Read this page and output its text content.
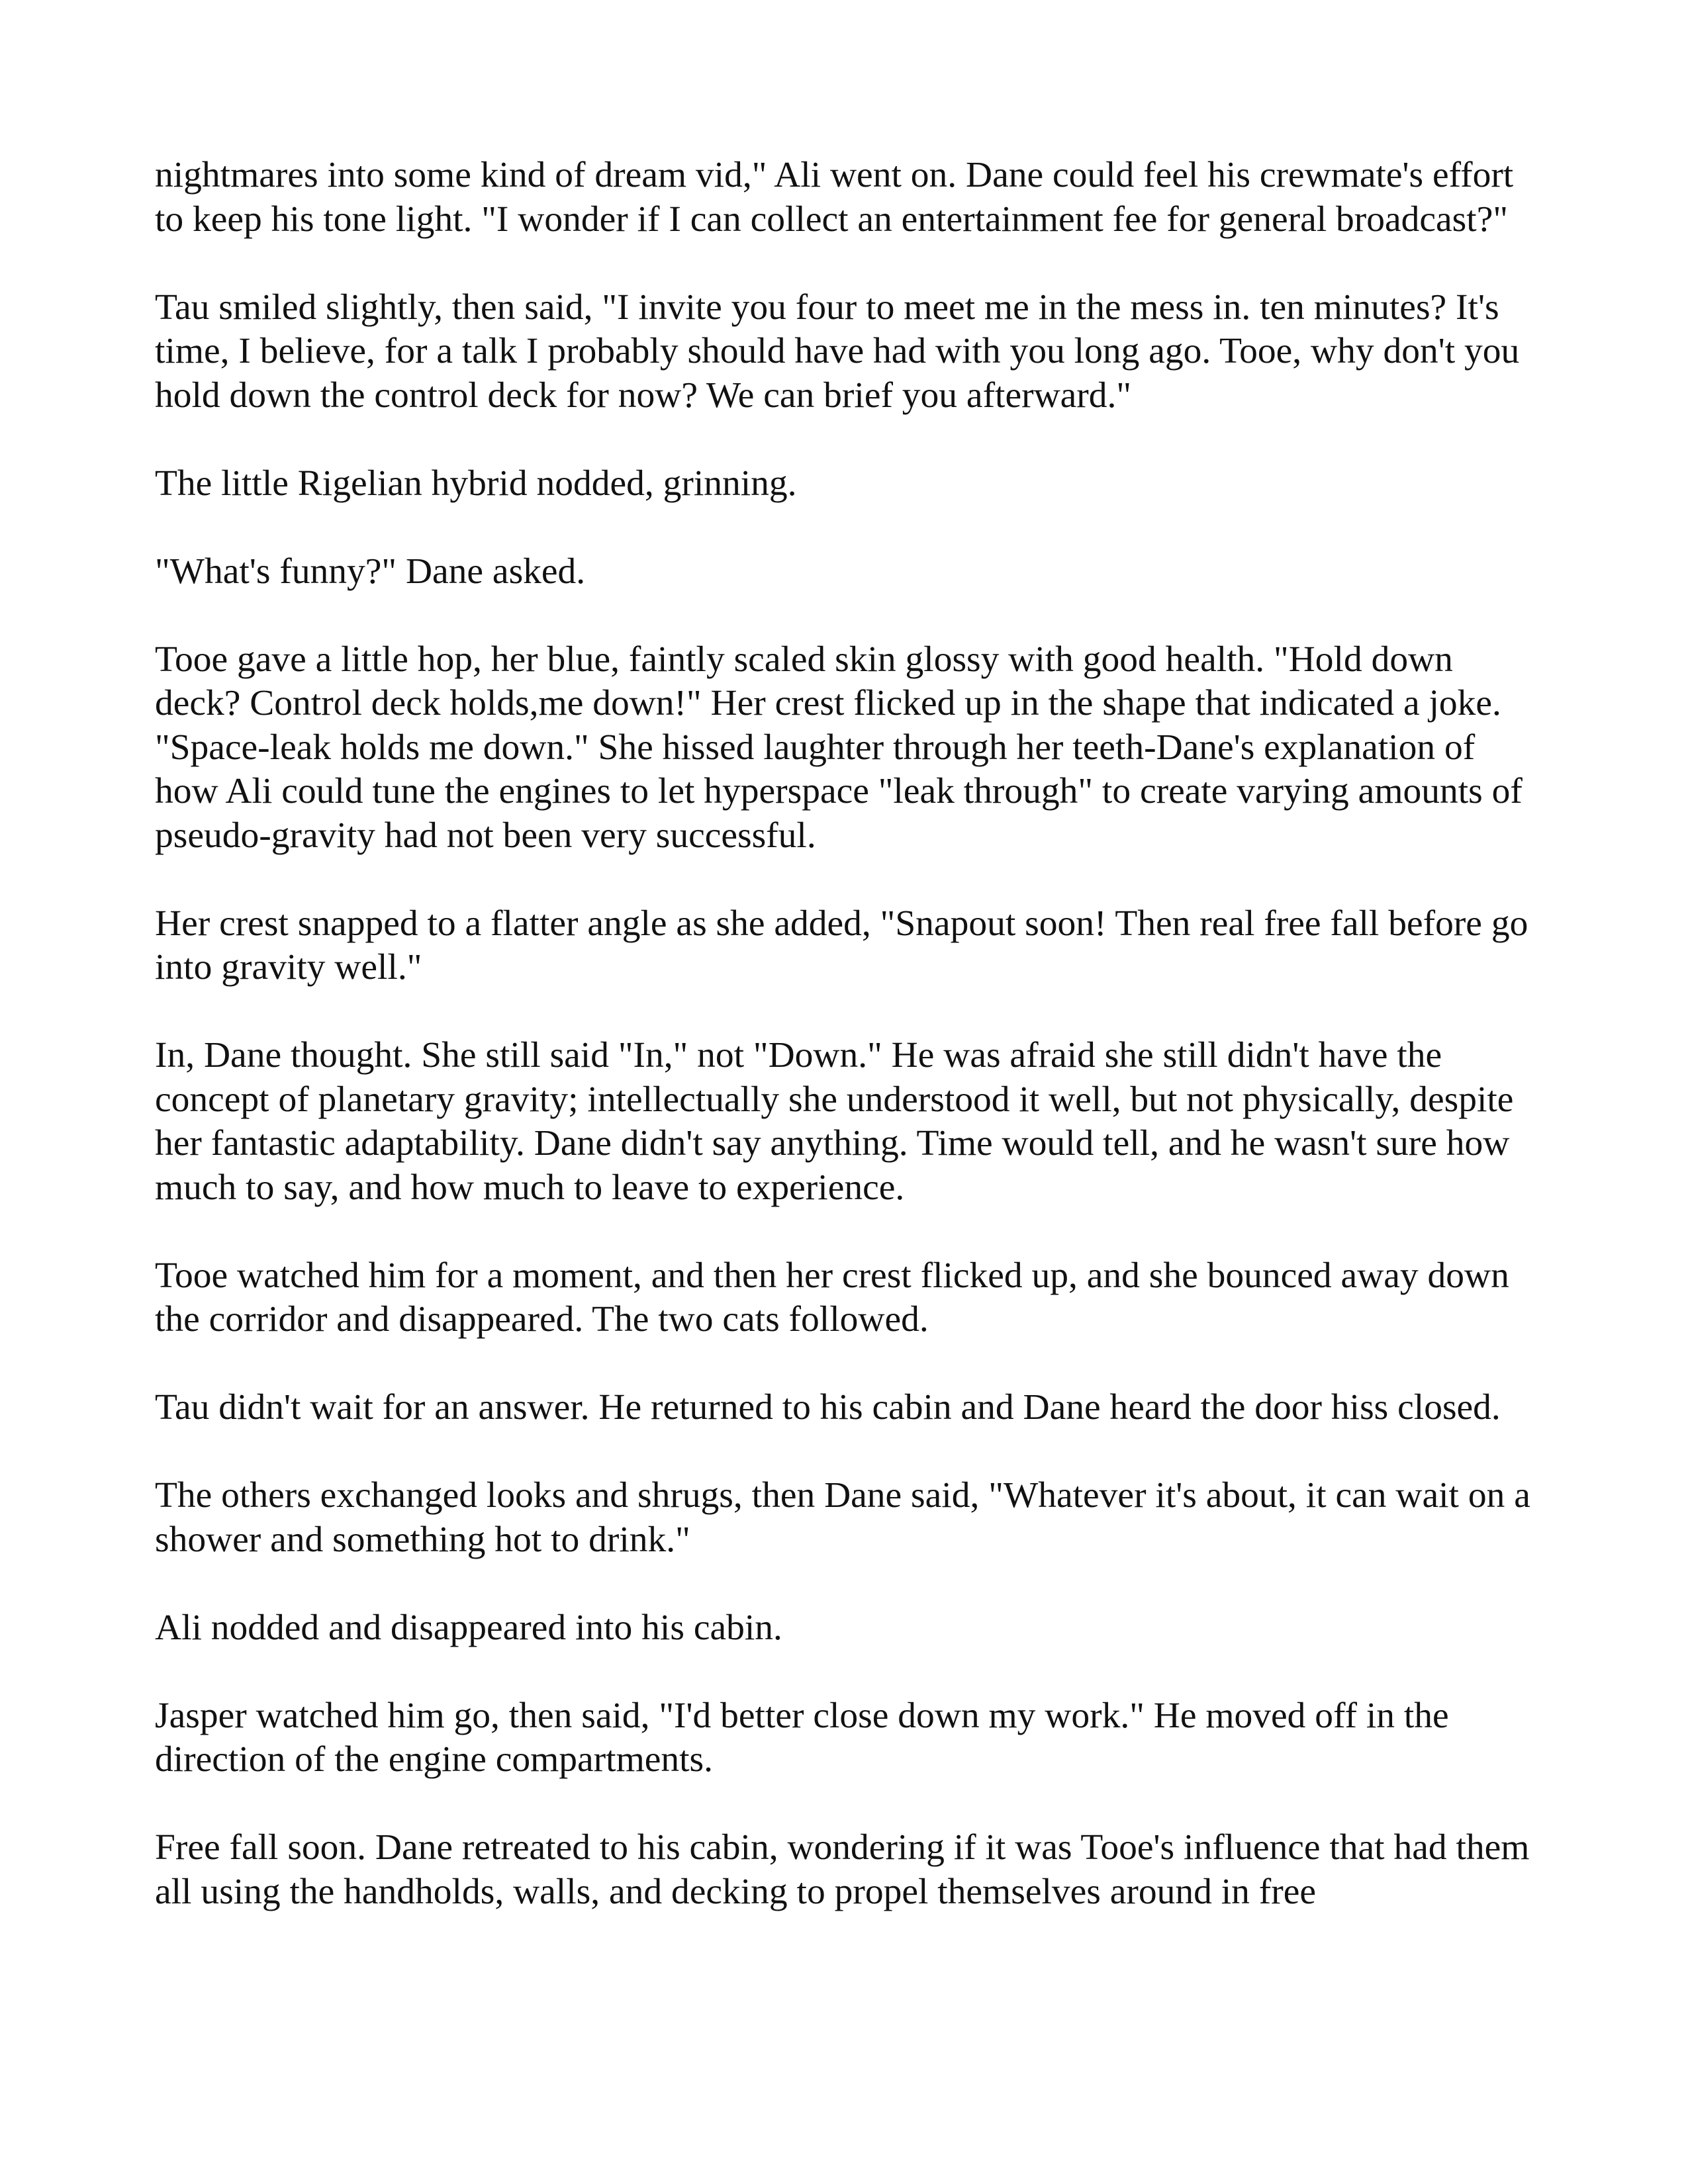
nightmares into some kind of dream vid," Ali went on. Dane could feel his crewmate's effort to keep his tone light. "I wonder if I can collect an entertainment fee for general broadcast?"

Tau smiled slightly, then said, "I invite you four to meet me in the mess in. ten minutes? It's time, I believe, for a talk I probably should have had with you long ago. Tooe, why don't you hold down the control deck for now? We can brief you afterward."

The little Rigelian hybrid nodded, grinning.

"What's funny?" Dane asked.

Tooe gave a little hop, her blue, faintly scaled skin glossy with good health. "Hold down deck? Control deck holds,me down!" Her crest flicked up in the shape that indicated a joke. "Space-leak holds me down." She hissed laughter through her teeth-Dane's explanation of how Ali could tune the engines to let hyperspace "leak through" to create varying amounts of pseudo-gravity had not been very successful.

Her crest snapped to a flatter angle as she added, "Snapout soon! Then real free fall before go into gravity well."

In, Dane thought. She still said "In," not "Down." He was afraid she still didn't have the concept of planetary gravity; intellectually she understood it well, but not physically, despite her fantastic adaptability. Dane didn't say anything. Time would tell, and he wasn't sure how much to say, and how much to leave to experience.

Tooe watched him for a moment, and then her crest flicked up, and she bounced away down the corridor and disappeared. The two cats followed.

Tau didn't wait for an answer. He returned to his cabin and Dane heard the door hiss closed.

The others exchanged looks and shrugs, then Dane said, "Whatever it's about, it can wait on a shower and something hot to drink."

Ali nodded and disappeared into his cabin.

Jasper watched him go, then said, "I'd better close down my work." He moved off in the direction of the engine compartments.

Free fall soon. Dane retreated to his cabin, wondering if it was Tooe's influence that had them all using the handholds, walls, and decking to propel themselves around in free
